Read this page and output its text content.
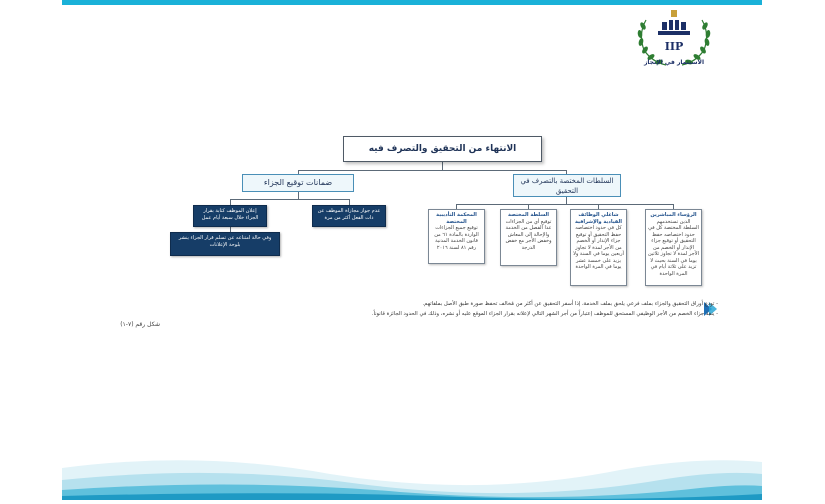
IIP
الاستثمار في الإنجاز
الانتهاء من التحقيق والتصرف فيه
السلطات المختصة بالتصرف في التحقيق
ضمانات توقيع الجزاء
الرؤساء المباشرين
الذين تستخدمهم السلطة المختصة كل في حدود اختصاصه حفظ التحقيق أو توقيع جزاء الإنذار أو الخصم من الأجر لمدة لا تجاوز ثلاثين يوما في السنة بحيث لا تزيد على ثلاثة أيام في المرة الواحدة
شاغلي الوظائف القيادية والإشرافية
كل في حدود اختصاصه حفظ التحقيق أو توقيع جزاء الإنذار أو الخصم من الأجر لمدة لا تجاوز أربعين يوما في السنة ولا يزيد على خمسة عشر يوما في المرة الواحدة
السلطة المختصة
توقيع أي من الجزاءات عدا الفصل من الخدمة والإحالة إلى المعاش وخفض الأجر مع خفض الدرجة
المحكمة التأديبية المختصة
توقيع جميع الجزاءات الواردة بالمادة ٦١ من قانون الخدمة المدنية رقم ٨١ لسنة ٢٠١٦
عدم جواز مجازاة الموظف عن ذات الفعل أكثر من مرة
إعلان الموظف كتابة بقرار الجزاء خلال سبعة أيام عمل
وفي حالة امتناعه عن تسلم قرار الجزاء ينشر بلوحة الإعلانات
- تودع أوراق التحقيق والجزاء بملف فرعي يلحق بملف الخدمة، إذا أسفر التحقيق عن أكثر من مُخالف تحفظ صورة طبق الأصل بملفاتهم.
- ينفذ جزاء الخصم من الأجر الوظيفي المستحق للموظف إعتباراً من أجر الشهر التالي لإعلانه بقرار الجزاء الموقع عليه أو نشره، وذلك في الحدود الجائزة قانوناً.
شكل رقم (٧-١)
